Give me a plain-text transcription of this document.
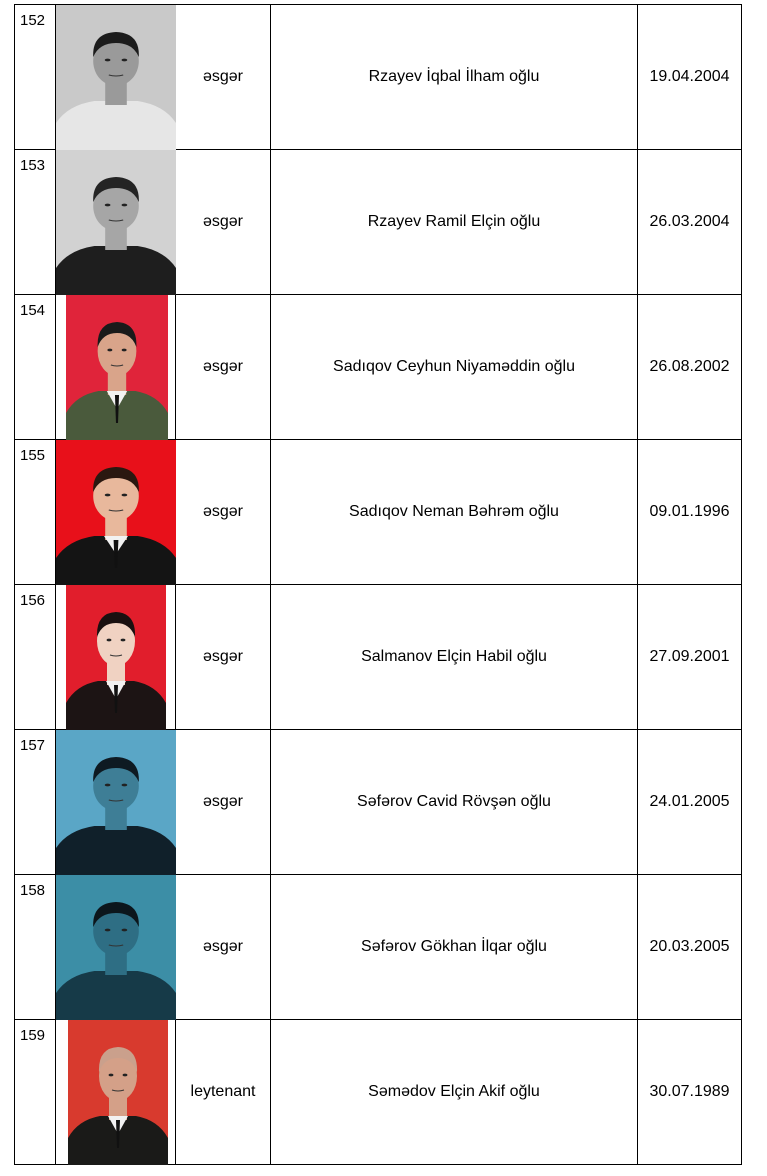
152		əsgər	Rzayev İqbal İlham oğlu	19.04.2004
153		əsgər	Rzayev Ramil Elçin oğlu	26.03.2004
154		əsgər	Sadıqov Ceyhun Niyaməddin oğlu	26.08.2002
155		əsgər	Sadıqov Neman Bəhrəm oğlu	09.01.1996
156		əsgər	Salmanov Elçin Habil oğlu	27.09.2001
157		əsgər	Səfərov Cavid Rövşən oğlu	24.01.2005
158		əsgər	Səfərov Gökhan İlqar oğlu	20.03.2005
159		leytenant	Səmədov Elçin Akif oğlu	30.07.1989
